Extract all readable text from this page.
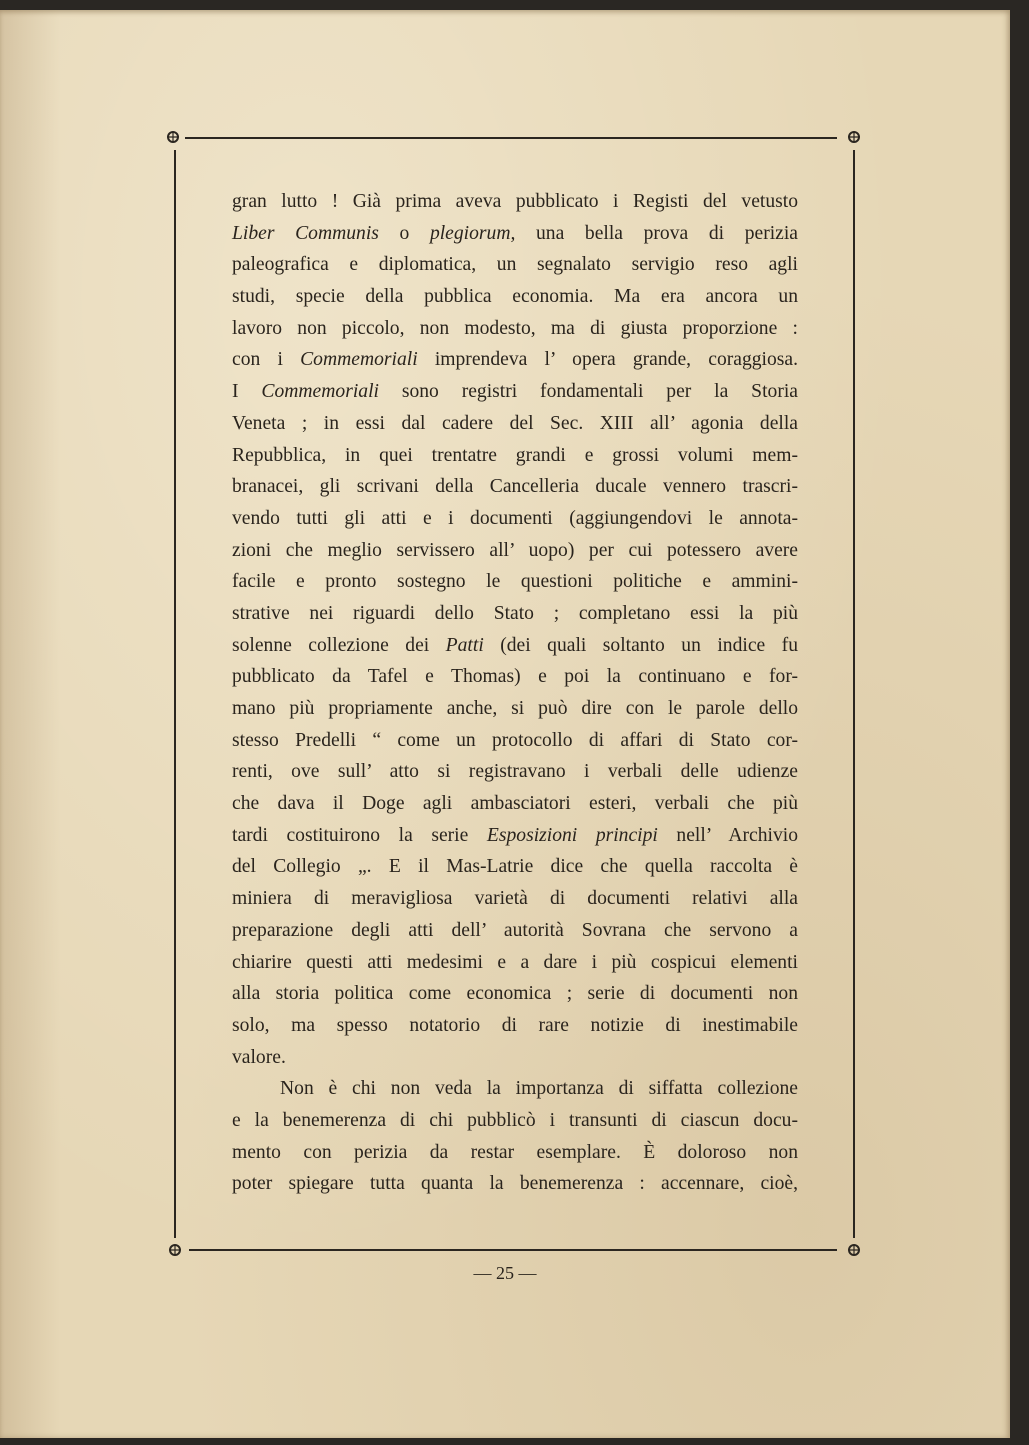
gran lutto ! Già prima aveva pubblicato i Registi del vetusto
Liber Communis o plegiorum, una bella prova di perizia
paleografica e diplomatica, un segnalato servigio reso agli
studi, specie della pubblica economia. Ma era ancora un
lavoro non piccolo, non modesto, ma di giusta proporzione :
con i Commemoriali imprendeva l’ opera grande, coraggiosa.
I Commemoriali sono registri fondamentali per la Storia
Veneta ; in essi dal cadere del Sec. XIII all’ agonia della
Repubblica, in quei trentatre grandi e grossi volumi mem-
branacei, gli scrivani della Cancelleria ducale vennero trascri-
vendo tutti gli atti e i documenti (aggiungendovi le annota-
zioni che meglio servissero all’ uopo) per cui potessero avere
facile e pronto sostegno le questioni politiche e ammini-
strative nei riguardi dello Stato ; completano essi la più
solenne collezione dei Patti (dei quali soltanto un indice fu
pubblicato da Tafel e Thomas) e poi la continuano e for-
mano più propriamente anche, si può dire con le parole dello
stesso Predelli “ come un protocollo di affari di Stato cor-
renti, ove sull’ atto si registravano i verbali delle udienze
che dava il Doge agli ambasciatori esteri, verbali che più
tardi costituirono la serie Esposizioni principi nell’ Archivio
del Collegio „. E il Mas-Latrie dice che quella raccolta è
miniera di meravigliosa varietà di documenti relativi alla
preparazione degli atti dell’ autorità Sovrana che servono a
chiarire questi atti medesimi e a dare i più cospicui elementi
alla storia politica come economica ; serie di documenti non
solo, ma spesso notatorio di rare notizie di inestimabile
valore.

Non è chi non veda la importanza di siffatta collezione
e la benemerenza di chi pubblicò i transunti di ciascun docu-
mento con perizia da restar esemplare. È doloroso non
poter spiegare tutta quanta la benemerenza : accennare, cioè,

— 25 —
